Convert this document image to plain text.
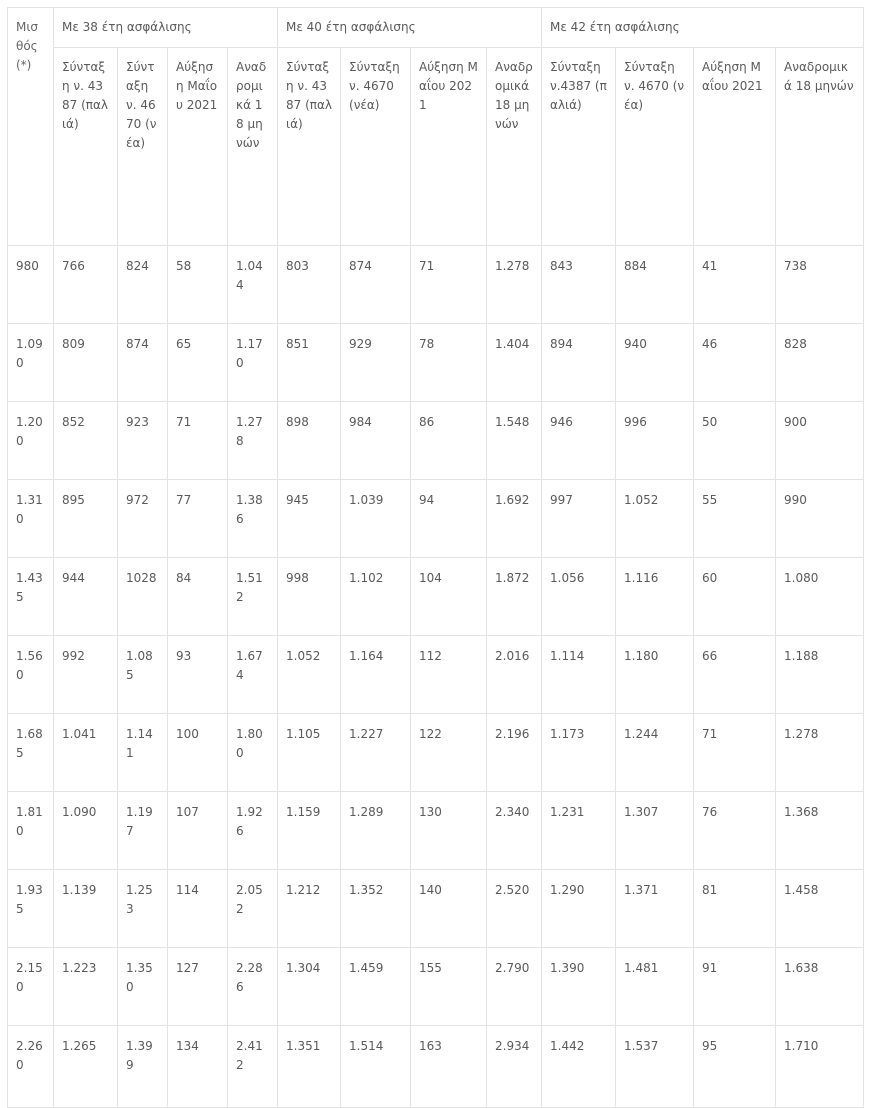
Μισθός (*)	Με 38 έτη ασφάλισης				Με 40 έτη ασφάλισης				Με 42 έτη ασφάλισης			
	Σύνταξη ν. 4387 (παλιά)	Σύνταξη ν. 4670 (νέα)	Αύξηση Μαΐου 2021	Αναδρομικά 18 μηνών	Σύνταξη ν. 4387 (παλιά)	Σύνταξη ν. 4670 (νέα)	Αύξηση Μαΐου 2021	Αναδρομικά 18 μηνών	Σύνταξη ν.4387 (παλιά)	Σύνταξη ν. 4670 (νέα)	Αύξηση Μαΐου 2021	Αναδρομικά 18 μηνών
980	766	824	58	1.044	803	874	71	1.278	843	884	41	738
1.090	809	874	65	1.170	851	929	78	1.404	894	940	46	828
1.200	852	923	71	1.278	898	984	86	1.548	946	996	50	900
1.310	895	972	77	1.386	945	1.039	94	1.692	997	1.052	55	990
1.435	944	1028	84	1.512	998	1.102	104	1.872	1.056	1.116	60	1.080
1.560	992	1.085	93	1.674	1.052	1.164	112	2.016	1.114	1.180	66	1.188
1.685	1.041	1.141	100	1.800	1.105	1.227	122	2.196	1.173	1.244	71	1.278
1.810	1.090	1.197	107	1.926	1.159	1.289	130	2.340	1.231	1.307	76	1.368
1.935	1.139	1.253	114	2.052	1.212	1.352	140	2.520	1.290	1.371	81	1.458
2.150	1.223	1.350	127	2.286	1.304	1.459	155	2.790	1.390	1.481	91	1.638
2.260	1.265	1.399	134	2.412	1.351	1.514	163	2.934	1.442	1.537	95	1.710
